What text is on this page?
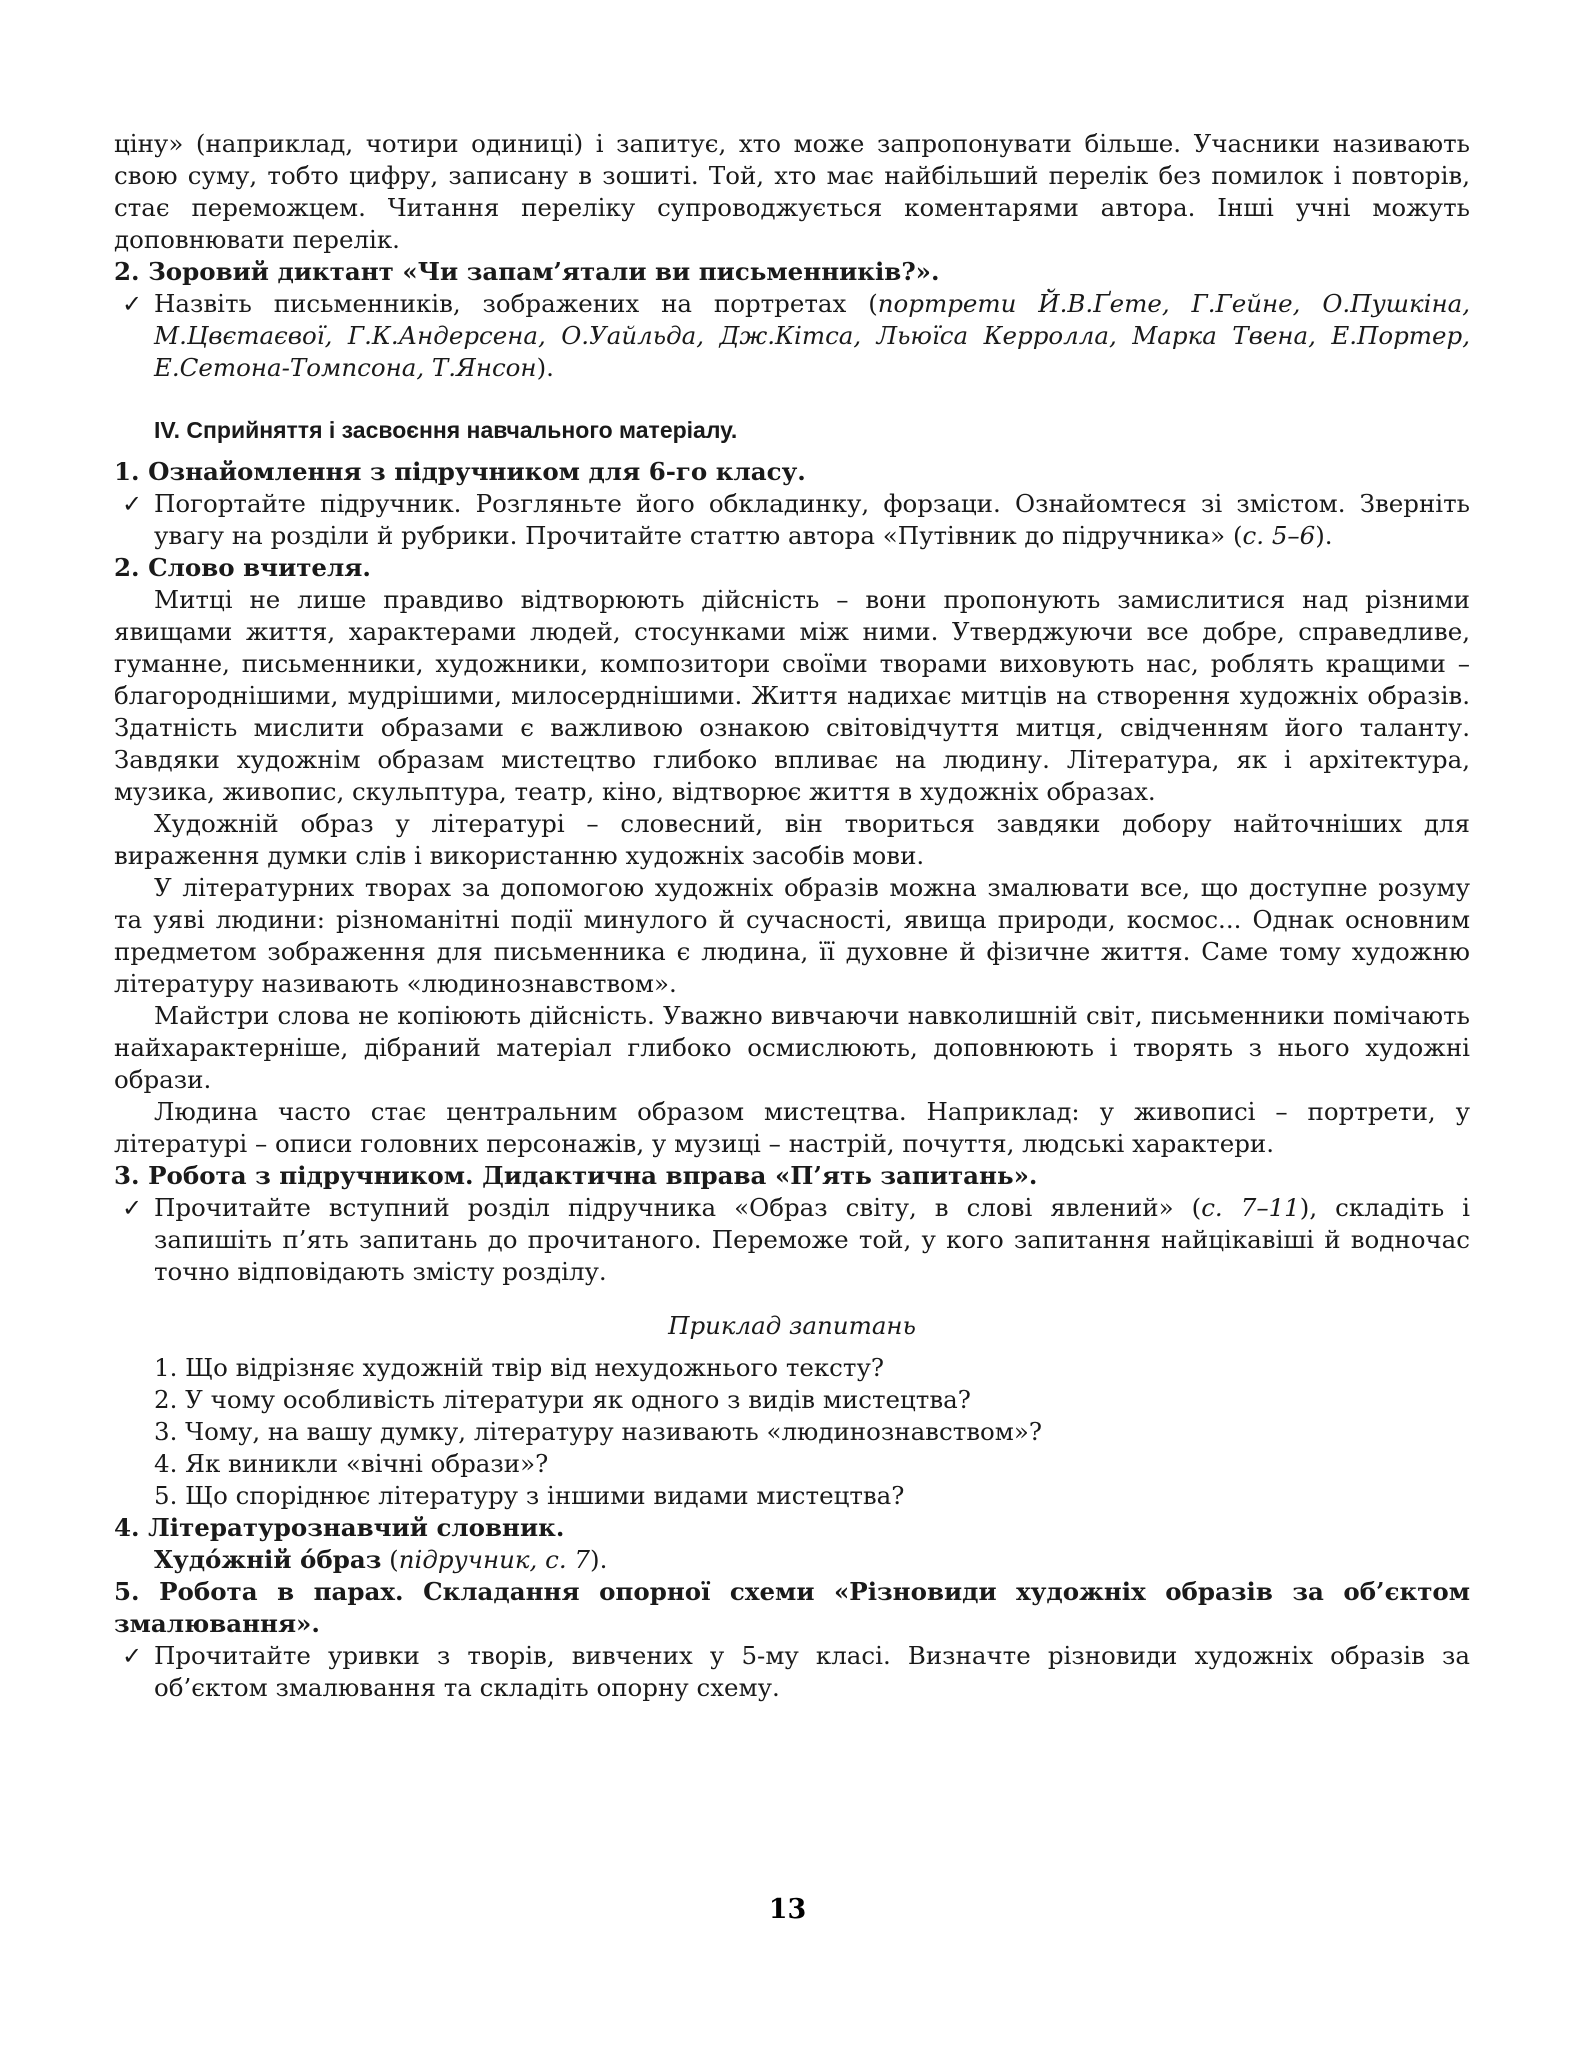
ціну» (наприклад, чотири одиниці) і запитує, хто може запропонувати більше. Учасники називають свою суму, тобто цифру, записану в зошиті. Той, хто має найбільший перелік без помилок і повторів, стає переможцем. Читання переліку супроводжується коментарями автора. Інші учні можуть доповнювати перелік.

2. Зоровий диктант «Чи запам’ятали ви письменників?».

✓ Назвіть письменників, зображених на портретах (портрети Й.В.Ґете, Г.Гейне, О.Пушкіна, М.Цвєтаєвої, Г.К.Андерсена, О.Уайльда, Дж.Кітса, Льюїса Керролла, Марка Твена, Е.Портер, Е.Сетона-Томпсона, Т.Янсон).

IV. Сприйняття і засвоєння навчального матеріалу.

1. Ознайомлення з підручником для 6-го класу.

✓ Погортайте підручник. Розгляньте його обкладинку, форзаци. Ознайомтеся зі змістом. Зверніть увагу на розділи й рубрики. Прочитайте статтю автора «Путівник до підручника» (с. 5–6).

2. Слово вчителя.

Митці не лише правдиво відтворюють дійсність – вони пропонують замислитися над різними явищами життя, характерами людей, стосунками між ними. Утверджуючи все добре, справедливе, гуманне, письменники, художники, композитори своїми творами виховують нас, роблять кращими – благороднішими, мудрішими, милосерднішими. Життя надихає митців на створення художніх образів. Здатність мислити образами є важливою ознакою світовідчуття митця, свідченням його таланту. Завдяки художнім образам мистецтво глибоко впливає на людину. Література, як і архітектура, музика, живопис, скульптура, театр, кіно, відтворює життя в художніх образах.

Художній образ у літературі – словесний, він твориться завдяки добору найточніших для вираження думки слів і використанню художніх засобів мови.

У літературних творах за допомогою художніх образів можна змалювати все, що доступне розуму та уяві людини: різноманітні події минулого й сучасності, явища природи, космос... Однак основним предметом зображення для письменника є людина, її духовне й фізичне життя. Саме тому художню літературу називають «людинознавством».

Майстри слова не копіюють дійсність. Уважно вивчаючи навколишній світ, письменники помічають найхарактерніше, дібраний матеріал глибоко осмислюють, доповнюють і творять з нього художні образи.

Людина часто стає центральним образом мистецтва. Наприклад: у живописі – портрети, у літературі – описи головних персонажів, у музиці – настрій, почуття, людські характери.

3. Робота з підручником. Дидактична вправа «П’ять запитань».

✓ Прочитайте вступний розділ підручника «Образ світу, в слові явлений» (с. 7–11), складіть і запишіть п’ять запитань до прочитаного. Переможе той, у кого запитання найцікавіші й водночас точно відповідають змісту розділу.

Приклад запитань
1. Що відрізняє художній твір від нехудожнього тексту?
2. У чому особливість літератури як одного з видів мистецтва?
3. Чому, на вашу думку, літературу називають «людинознавством»?
4. Як виникли «вічні образи»?
5. Що споріднює літературу з іншими видами мистецтва?

4. Літературознавчий словник.

Худóжній óбраз (підручник, с. 7).

5. Робота в парах. Складання опорної схеми «Різновиди художніх образів за об’єктом змалювання».

✓ Прочитайте уривки з творів, вивчених у 5-му класі. Визначте різновиди художніх образів за об’єктом змалювання та складіть опорну схему.

13
